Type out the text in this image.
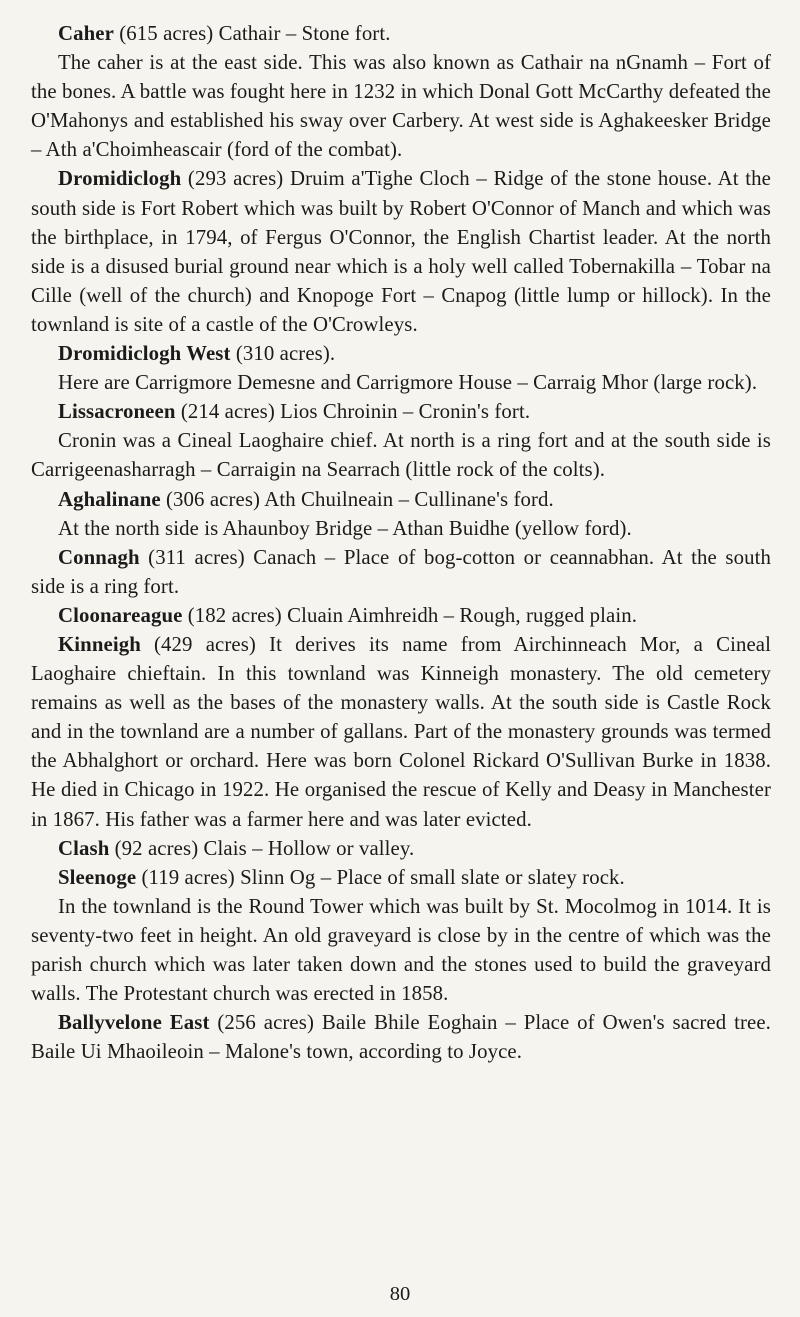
Caher (615 acres) Cathair – Stone fort.

The caher is at the east side. This was also known as Cathair na nGnamh – Fort of the bones. A battle was fought here in 1232 in which Donal Gott McCarthy defeated the O'Mahonys and established his sway over Carbery. At west side is Aghakeesker Bridge – Ath a'Choimheascair (ford of the combat).

Dromidiclogh (293 acres) Druim a'Tighe Cloch – Ridge of the stone house. At the south side is Fort Robert which was built by Robert O'Connor of Manch and which was the birthplace, in 1794, of Fergus O'Connor, the English Chartist leader. At the north side is a disused burial ground near which is a holy well called Tobernakilla – Tobar na Cille (well of the church) and Knopoge Fort – Cnapog (little lump or hillock). In the townland is site of a castle of the O'Crowleys.

Dromidiclogh West (310 acres).

Here are Carrigmore Demesne and Carrigmore House – Carraig Mhor (large rock).

Lissacroneen (214 acres) Lios Chroinin – Cronin's fort.

Cronin was a Cineal Laoghaire chief. At north is a ring fort and at the south side is Carrigeenasharragh – Carraigin na Searrach (little rock of the colts).

Aghalinane (306 acres) Ath Chuilneain – Cullinane's ford.

At the north side is Ahaunboy Bridge – Athan Buidhe (yellow ford).

Connagh (311 acres) Canach – Place of bog-cotton or ceannabhan. At the south side is a ring fort.

Cloonareague (182 acres) Cluain Aimhreidh – Rough, rugged plain.

Kinneigh (429 acres) It derives its name from Airchinneach Mor, a Cineal Laoghaire chieftain. In this townland was Kinneigh monastery. The old cemetery remains as well as the bases of the monastery walls. At the south side is Castle Rock and in the townland are a number of gallans. Part of the monastery grounds was termed the Abhalghort or orchard. Here was born Colonel Rickard O'Sullivan Burke in 1838. He died in Chicago in 1922. He organised the rescue of Kelly and Deasy in Manchester in 1867. His father was a farmer here and was later evicted.

Clash (92 acres) Clais – Hollow or valley.

Sleenoge (119 acres) Slinn Og – Place of small slate or slatey rock.

In the townland is the Round Tower which was built by St. Mocolmog in 1014. It is seventy-two feet in height. An old graveyard is close by in the centre of which was the parish church which was later taken down and the stones used to build the graveyard walls. The Protestant church was erected in 1858.

Ballyvelone East (256 acres) Baile Bhile Eoghain – Place of Owen's sacred tree. Baile Ui Mhaoileoin – Malone's town, according to Joyce.

80
